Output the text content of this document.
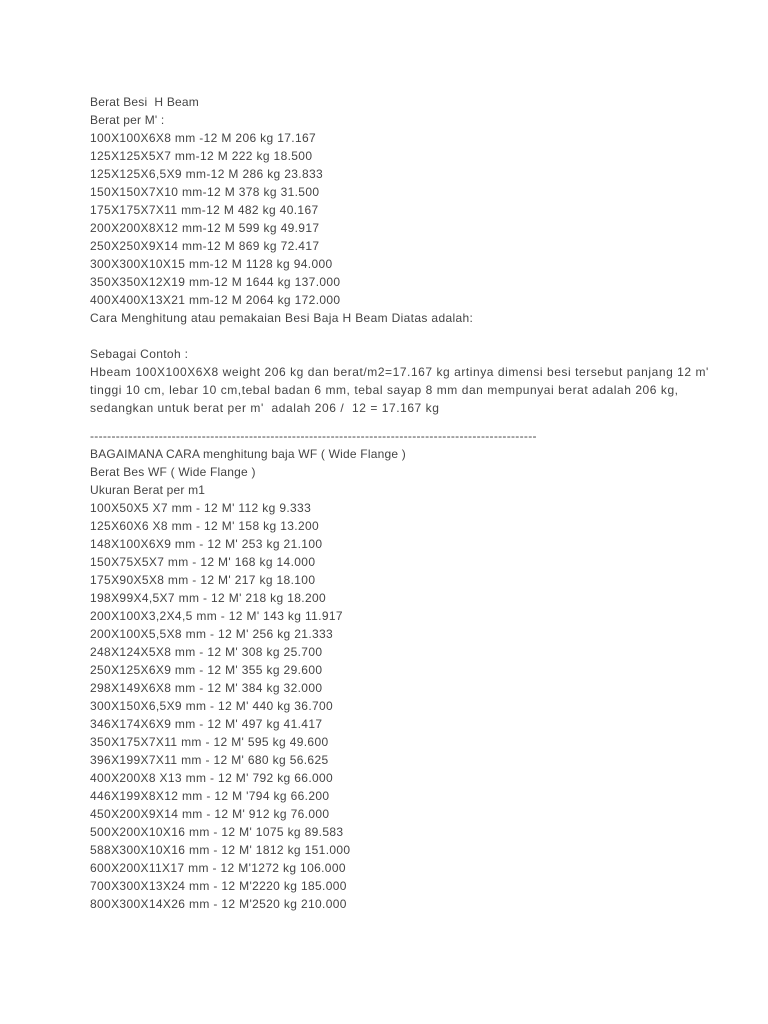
Berat Besi  H Beam
Berat per M' :
100X100X6X8 mm -12 M 206 kg 17.167
125X125X5X7 mm-12 M 222 kg 18.500
125X125X6,5X9 mm-12 M 286 kg 23.833
150X150X7X10 mm-12 M 378 kg 31.500
175X175X7X11 mm-12 M 482 kg 40.167
200X200X8X12 mm-12 M 599 kg 49.917
250X250X9X14 mm-12 M 869 kg 72.417
300X300X10X15 mm-12 M 1128 kg 94.000
350X350X12X19 mm-12 M 1644 kg 137.000
400X400X13X21 mm-12 M 2064 kg 172.000
Cara Menghitung atau pemakaian Besi Baja H Beam Diatas adalah:
Sebagai Contoh :
Hbeam 100X100X6X8 weight 206 kg dan berat/m2=17.167 kg artinya dimensi besi tersebut panjang 12 m'
tinggi 10 cm, lebar 10 cm,tebal badan 6 mm, tebal sayap 8 mm dan mempunyai berat adalah 206 kg,
sedangkan untuk berat per m'  adalah 206 /  12 = 17.167 kg
--------------------------------------------------------------------------------------------------------
BAGAIMANA CARA menghitung baja WF ( Wide Flange )
Berat Bes WF ( Wide Flange )
Ukuran Berat per m1
100X50X5 X7 mm - 12 M' 112 kg 9.333
125X60X6 X8 mm - 12 M' 158 kg 13.200
148X100X6X9 mm - 12 M' 253 kg 21.100
150X75X5X7 mm - 12 M' 168 kg 14.000
175X90X5X8 mm - 12 M' 217 kg 18.100
198X99X4,5X7 mm - 12 M' 218 kg 18.200
200X100X3,2X4,5 mm - 12 M' 143 kg 11.917
200X100X5,5X8 mm - 12 M' 256 kg 21.333
248X124X5X8 mm - 12 M' 308 kg 25.700
250X125X6X9 mm - 12 M' 355 kg 29.600
298X149X6X8 mm - 12 M' 384 kg 32.000
300X150X6,5X9 mm - 12 M' 440 kg 36.700
346X174X6X9 mm - 12 M' 497 kg 41.417
350X175X7X11 mm - 12 M' 595 kg 49.600
396X199X7X11 mm - 12 M' 680 kg 56.625
400X200X8 X13 mm - 12 M' 792 kg 66.000
446X199X8X12 mm - 12 M '794 kg 66.200
450X200X9X14 mm - 12 M' 912 kg 76.000
500X200X10X16 mm - 12 M' 1075 kg 89.583
588X300X10X16 mm - 12 M' 1812 kg 151.000
600X200X11X17 mm - 12 M'1272 kg 106.000
700X300X13X24 mm - 12 M'2220 kg 185.000
800X300X14X26 mm - 12 M'2520 kg 210.000
